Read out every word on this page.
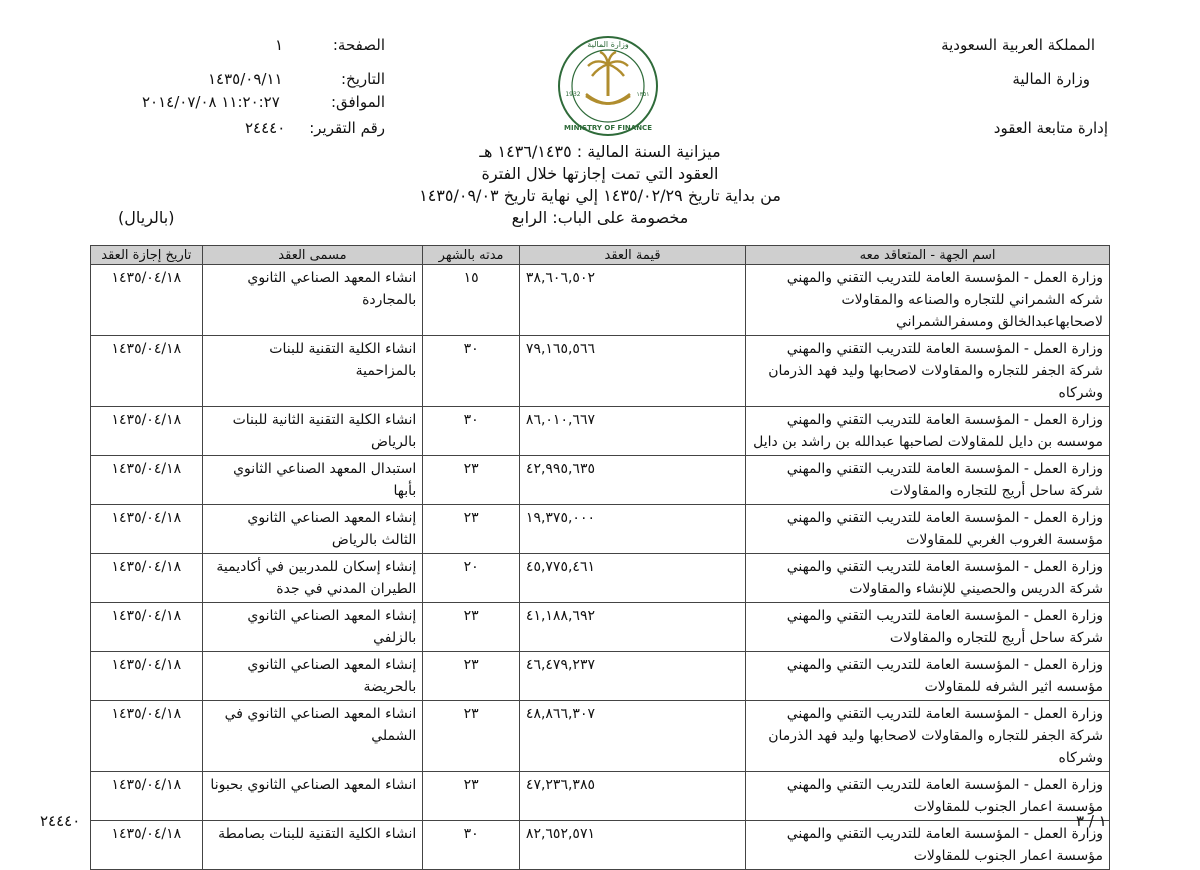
المملكة العربية السعودية
وزارة المالية
إدارة متابعة العقود
وزارة المالية
MINISTRY OF FINANCE
1932	١٣٥١
الصفحة:
١
التاريخ:
١٤٣٥/٠٩/١١
الموافق:
١١:٢٠:٢٧ ٢٠١٤/٠٧/٠٨
رقم التقرير:
٢٤٤٤٠
ميزانية السنة المالية : ١٤٣٦/١٤٣٥ هـ
العقود التي تمت إجازتها خلال الفترة
من بداية تاريخ ١٤٣٥/٠٢/٢٩ إلي نهاية تاريخ ١٤٣٥/٠٩/٠٣
مخصومة على الباب: الرابع
(بالريال)
اسم الجهة - المتعاقد معه	قيمة العقد	مدته بالشهر	مسمى العقد	تاريخ إجازة العقد

وزارة العمل - المؤسسة العامة للتدريب التقني والمهني
شركه الشمراني للتجاره والصناعه والمقاولات لاصحابهاعبدالخالق ومسفرالشمراني	٣٨,٦٠٦,٥٠٢	١٥	انشاء المعهد الصناعي الثانوي بالمجاردة	١٤٣٥/٠٤/١٨

وزارة العمل - المؤسسة العامة للتدريب التقني والمهني
شركة الجفر للتجاره والمقاولات لاصحابها وليد فهد الذرمان وشركاه	٧٩,١٦٥,٥٦٦	٣٠	انشاء الكلية التقنية للبنات بالمزاحمية	١٤٣٥/٠٤/١٨

وزارة العمل - المؤسسة العامة للتدريب التقني والمهني
موسسه بن دايل للمقاولات لصاحبها عبدالله بن راشد بن دايل	٨٦,٠١٠,٦٦٧	٣٠	انشاء الكلية التقنية الثانية للبنات بالرياض	١٤٣٥/٠٤/١٨

وزارة العمل - المؤسسة العامة للتدريب التقني والمهني
شركة ساحل أريج للتجاره والمقاولات	٤٢,٩٩٥,٦٣٥	٢٣	استبدال المعهد الصناعي الثانوي بأبها	١٤٣٥/٠٤/١٨

وزارة العمل - المؤسسة العامة للتدريب التقني والمهني
مؤسسة الغروب الغربي للمقاولات	١٩,٣٧٥,٠٠٠	٢٣	إنشاء المعهد الصناعي الثانوي الثالث بالرياض	١٤٣٥/٠٤/١٨

وزارة العمل - المؤسسة العامة للتدريب التقني والمهني
شركة الدريس والحصيني للإنشاء والمقاولات	٤٥,٧٧٥,٤٦١	٢٠	إنشاء إسكان للمدربين في أكاديمية الطيران المدني في جدة	١٤٣٥/٠٤/١٨

وزارة العمل - المؤسسة العامة للتدريب التقني والمهني
شركة ساحل أريج للتجاره والمقاولات	٤١,١٨٨,٦٩٢	٢٣	إنشاء المعهد الصناعي الثانوي بالزلفي	١٤٣٥/٠٤/١٨

وزارة العمل - المؤسسة العامة للتدريب التقني والمهني
مؤسسه اثير الشرفه للمقاولات	٤٦,٤٧٩,٢٣٧	٢٣	إنشاء المعهد الصناعي الثانوي بالحريضة	١٤٣٥/٠٤/١٨

وزارة العمل - المؤسسة العامة للتدريب التقني والمهني
شركة الجفر للتجاره والمقاولات لاصحابها وليد فهد الذرمان وشركاه	٤٨,٨٦٦,٣٠٧	٢٣	انشاء المعهد الصناعي الثانوي في الشملي	١٤٣٥/٠٤/١٨

وزارة العمل - المؤسسة العامة للتدريب التقني والمهني
مؤسسة اعمار الجنوب للمقاولات	٤٧,٢٣٦,٣٨٥	٢٣	انشاء المعهد الصناعي الثانوي بحبونا	١٤٣٥/٠٤/١٨

وزارة العمل - المؤسسة العامة للتدريب التقني والمهني
مؤسسة اعمار الجنوب للمقاولات	٨٢,٦٥٢,٥٧١	٣٠	انشاء الكلية التقنية للبنات بصامطة	١٤٣٥/٠٤/١٨
٢٤٤٤٠	١ / ٣
